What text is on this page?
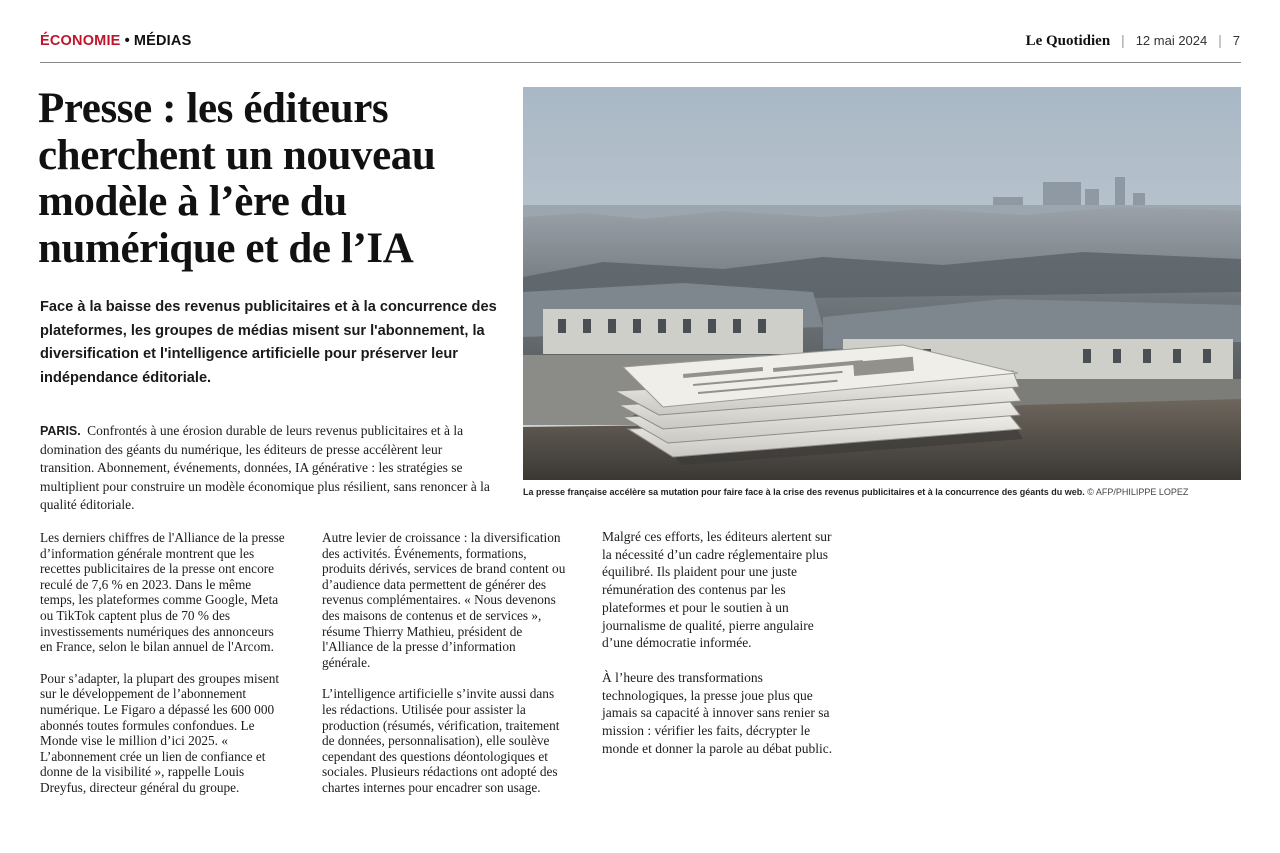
ÉCONOMIE • MÉDIAS	Le Quotidien | 12 mai 2024 | 7
Presse : les éditeurs cherchent un nouveau modèle à l’ère du numérique et de l’IA

Face à la baisse des revenus publicitaires et à la concurrence des plateformes, les groupes de médias misent sur l'abonnement, la diversification et l'intelligence artificielle pour préserver leur indépendance éditoriale.

PARIS. Confrontés à une érosion durable de leurs revenus publicitaires et à la domination des géants du numérique, les éditeurs de presse accélèrent leur transition. Abonnement, événements, données, IA générative : les stratégies se multiplient pour construire un modèle économique plus résilient, sans renoncer à la qualité éditoriale.

La presse française accélère sa mutation pour faire face à la crise des revenus publicitaires et à la concurrence des géants du web. © AFP/PHILIPPE LOPEZ

Les derniers chiffres de l'Alliance de la presse d’information générale montrent que les recettes publicitaires de la presse ont encore reculé de 7,6 % en 2023. Dans le même temps, les plateformes comme Google, Meta ou TikTok captent plus de 70 % des investissements numériques des annonceurs en France, selon le bilan annuel de l'Arcom.

Pour s’adapter, la plupart des groupes misent sur le développement de l’abonnement numérique. Le Figaro a dépassé les 600 000 abonnés toutes formules confondues. Le Monde vise le million d’ici 2025. « L’abonnement crée un lien de confiance et donne de la visibilité », rappelle Louis Dreyfus, directeur général du groupe.

Autre levier de croissance : la diversification des activités. Événements, formations, produits dérivés, services de brand content ou d’audience data permettent de générer des revenus complémentaires. « Nous devenons des maisons de contenus et de services », résume Thierry Mathieu, président de l'Alliance de la presse d’information générale.

L’intelligence artificielle s’invite aussi dans les rédactions. Utilisée pour assister la production (résumés, vérification, traitement de données, personnalisation), elle soulève cependant des questions déontologiques et sociales. Plusieurs rédactions ont adopté des chartes internes pour encadrer son usage.

Malgré ces efforts, les éditeurs alertent sur la nécessité d’un cadre réglementaire plus équilibré. Ils plaident pour une juste rémunération des contenus par les plateformes et pour le soutien à un journalisme de qualité, pierre angulaire d’une démocratie informée.

À l’heure des transformations technologiques, la presse joue plus que jamais sa capacité à innover sans renier sa mission : vérifier les faits, décrypter le monde et donner la parole au débat public.
